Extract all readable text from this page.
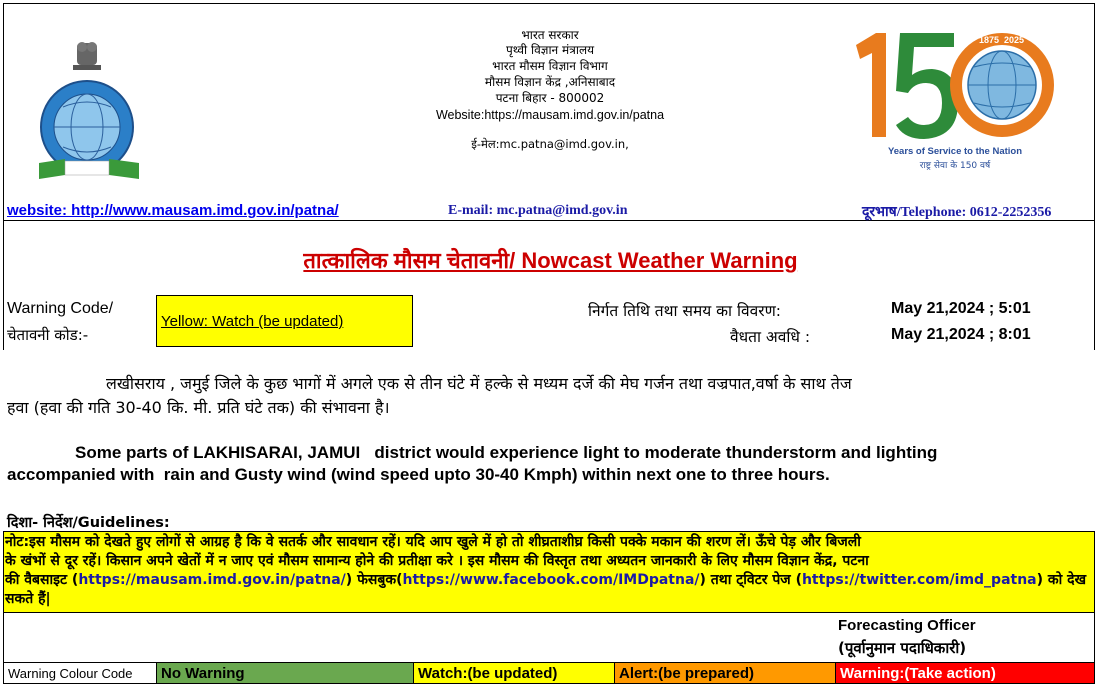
भारत सरकार
पृथ्वी विज्ञान मंत्रालय
भारत मौसम विज्ञान विभाग
मौसम विज्ञान केंद्र ,अनिसाबाद
पटना बिहार - 800002
Website:https://mausam.imd.gov.in/patna
ई-मेल:mc.patna@imd.gov.in,
1875 2025
Years of Service to the Nation
राष्ट्र सेवा के 150 वर्ष
website: http://www.mausam.imd.gov.in/patna/	E-mail: mc.patna@imd.gov.in	दूरभाष/Telephone: 0612-2252356
तात्कालिक मौसम चेतावनी/ Nowcast Weather Warning
Warning Code/
चेतावनी कोड:-
Yellow: Watch (be updated)
निर्गत तिथि तथा समय का विवरण:	May 21,2024 ; 5:01
वैधता अवधि :	May 21,2024 ; 8:01
लखीसराय , जमुई जिले के कुछ भागों में अगले एक से तीन घंटे में हल्के से मध्यम दर्जे की मेघ गर्जन तथा वज्रपात,वर्षा के साथ तेज
हवा (हवा की गति 30-40 कि. मी. प्रति घंटे तक) की संभावना है।
Some parts of LAKHISARAI, JAMUI   district would experience light to moderate thunderstorm and lighting
accompanied with  rain and Gusty wind (wind speed upto 30-40 Kmph) within next one to three hours.
दिशा- निर्देश/Guidelines:
नोट:इस मौसम को देखते हुए लोगों से आग्रह है कि वे सतर्क और सावधान रहें। यदि आप खुले में हो तो शीघ्रताशीघ्र किसी पक्के मकान की शरण लें। ऊँचे पेड़ और बिजली
के खंभों से दूर रहें। किसान अपने खेतों में न जाए एवं मौसम सामान्य होने की प्रतीक्षा करे । इस मौसम की विस्तृत तथा अध्यतन जानकारी के लिए मौसम विज्ञान केंद्र, पटना
की वैबसाइट (https://mausam.imd.gov.in/patna/) फेसबुक(https://www.facebook.com/IMDpatna/) तथा ट्विटर पेज (https://twitter.com/imd_patna) को देख
सकते हैं|
Forecasting Officer
(पूर्वानुमान पदाधिकारी)
Warning Colour Code	No Warning	Watch:(be updated)	Alert:(be prepared)	Warning:(Take action)
